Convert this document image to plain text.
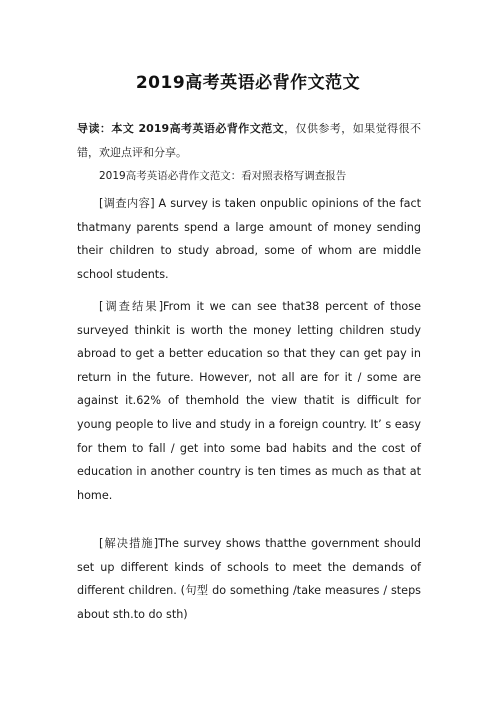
2019高考英语必背作文范文
导读：本文 2019高考英语必背作文范文，仅供参考，如果觉得很不错，欢迎点评和分享。
2019高考英语必背作文范文：看对照表格写调查报告
[调查内容] A survey is taken onpublic opinions of the fact thatmany parents spend a large amount of money sending their children to study abroad, some of whom are middle school students.
[调查结果]From it we can see that38 percent of those surveyed thinkit is worth the money letting children study abroad to get a better education so that they can get pay in return in the future. However, not all are for it / some are against it.62% of themhold the view thatit is difficult for young people to live and study in a foreign country. It’ s easy for them to fall / get into some bad habits and the cost of education in another country is ten times as much as that at home.
[解决措施]The survey shows thatthe government should set up different kinds of schools to meet the demands of different children. (句型 do something /take measures / steps about sth.to do sth)
